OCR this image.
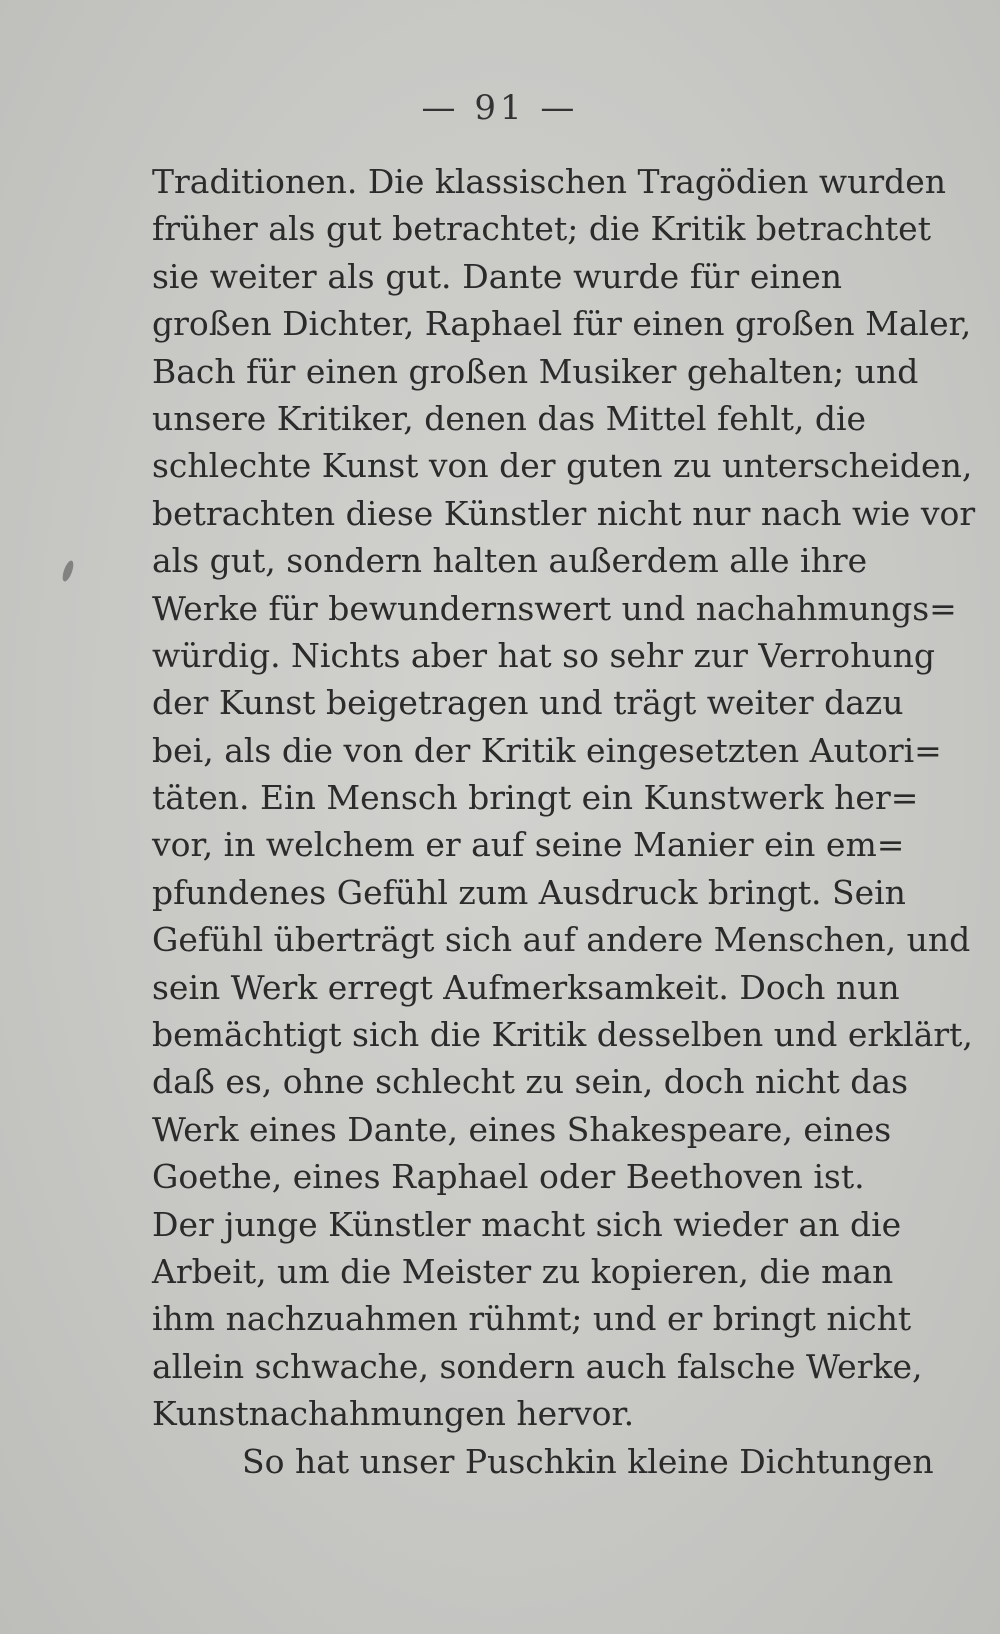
— 91 —
Traditionen. Die klassischen Tragödien wurden
früher als gut betrachtet; die Kritik betrachtet
sie weiter als gut. Dante wurde für einen
großen Dichter, Raphael für einen großen Maler,
Bach für einen großen Musiker gehalten; und
unsere Kritiker, denen das Mittel fehlt, die
schlechte Kunst von der guten zu unterscheiden,
betrachten diese Künstler nicht nur nach wie vor
als gut, sondern halten außerdem alle ihre
Werke für bewundernswert und nachahmungs=
würdig. Nichts aber hat so sehr zur Verrohung
der Kunst beigetragen und trägt weiter dazu
bei, als die von der Kritik eingesetzten Autori=
täten. Ein Mensch bringt ein Kunstwerk her=
vor, in welchem er auf seine Manier ein em=
pfundenes Gefühl zum Ausdruck bringt. Sein
Gefühl überträgt sich auf andere Menschen, und
sein Werk erregt Aufmerksamkeit. Doch nun
bemächtigt sich die Kritik desselben und erklärt,
daß es, ohne schlecht zu sein, doch nicht das
Werk eines Dante, eines Shakespeare, eines
Goethe, eines Raphael oder Beethoven ist.
Der junge Künstler macht sich wieder an die
Arbeit, um die Meister zu kopieren, die man
ihm nachzuahmen rühmt; und er bringt nicht
allein schwache, sondern auch falsche Werke,
Kunstnachahmungen hervor.
So hat unser Puschkin kleine Dichtungen
